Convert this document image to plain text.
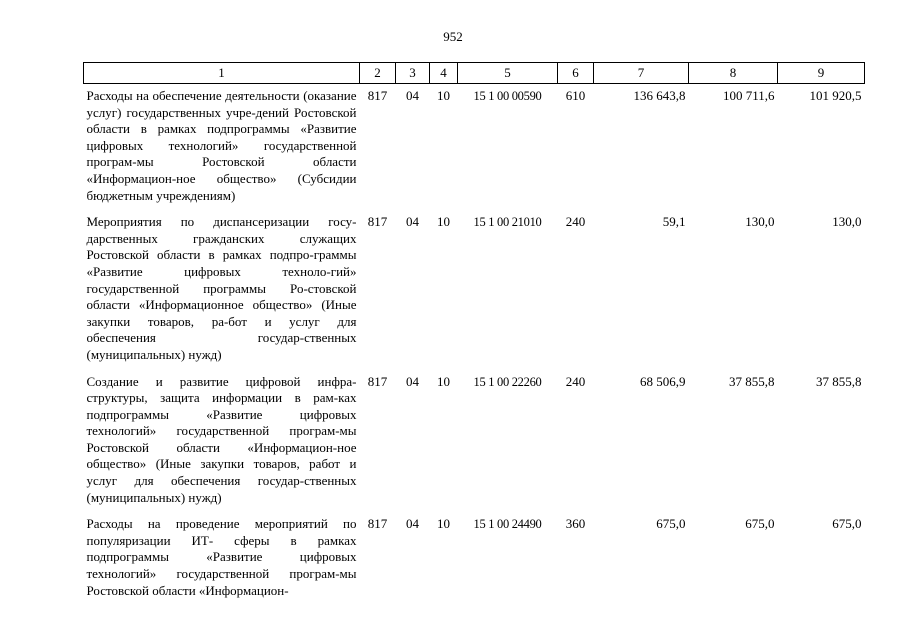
952
1	2	3	4	5	6	7	8	9
Расходы на обеспечение деятельности (оказание услуг) государственных учре-дений Ростовской области в рамках подпрограммы «Развитие цифровых технологий» государственной програм-мы Ростовской области «Информацион-ное общество» (Субсидии бюджетным учреждениям)	817	04	10	15 1 00 00590	610	136 643,8	100 711,6	101 920,5
Мероприятия по диспансеризации госу-дарственных гражданских служащих Ростовской области в рамках подпро-граммы «Развитие цифровых техноло-гий» государственной программы Ро-стовской области «Информационное общество» (Иные закупки товаров, ра-бот и услуг для обеспечения государ-ственных (муниципальных) нужд)	817	04	10	15 1 00 21010	240	59,1	130,0	130,0
Создание и развитие цифровой инфра-структуры, защита информации в рам-ках подпрограммы «Развитие цифровых технологий» государственной програм-мы Ростовской области «Информацион-ное общество» (Иные закупки товаров, работ и услуг для обеспечения государ-ственных (муниципальных) нужд)	817	04	10	15 1 00 22260	240	68 506,9	37 855,8	37 855,8
Расходы на проведение мероприятий по популяризации ИТ- сферы в рамках подпрограммы «Развитие цифровых технологий» государственной програм-мы Ростовской области «Информацион-	817	04	10	15 1 00 24490	360	675,0	675,0	675,0
